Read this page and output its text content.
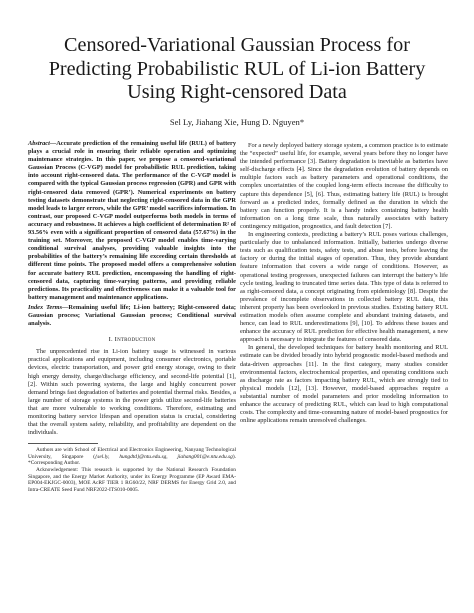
Censored-Variational Gaussian Process for
Predicting Probabilistic RUL of Li-ion Battery
Using Right-censored Data
Sel Ly, Jiahang Xie, Hung D. Nguyen*
Abstract—Accurate prediction of the remaining useful life (RUL) of battery plays a crucial role in ensuring their reliable operation and optimizing maintenance strategies. In this paper, we propose a censored-variational Gaussian Process (C-VGP) model for probabilistic RUL prediction, taking into account right-censored data. The performance of the C-VGP model is compared with the typical Gaussian process regression (GPR) and GPR with right-censored data removed (GPR’). Numerical experiments on battery testing datasets demonstrate that neglecting right-censored data in the GPR model leads to larger errors, while the GPR’ model sacrifices information. In contrast, our proposed C-VGP model outperforms both models in terms of accuracy and robustness. It achieves a high coefficient of determination R² of 93.56% even with a significant proportion of censored data (57.67%) in the training set. Moreover, the proposed C-VGP model enables time-varying conditional survival analyses, providing valuable insights into the probabilities of the battery’s remaining life exceeding certain thresholds at different time points. The proposed model offers a comprehensive solution for accurate battery RUL prediction, encompassing the handling of right-censored data, capturing time-varying patterns, and providing reliable predictions. Its practicality and effectiveness can make it a valuable tool for battery management and maintenance applications.
Index Terms—Remaining useful life; Li-ion battery; Right-censored data; Gaussian process; Variational Gaussian process; Conditional survival analysis.
I. Introduction

The unprecedented rise in Li-ion battery usage is witnessed in various practical applications and equipment, including consumer electronics, portable devices, electric transportation, and power grid energy storage, owing to their high energy density, charge/discharge efficiency, and second-life potential [1], [2]. Within such powering systems, the large and highly concurrent power demand brings fast degradation of batteries and potential thermal risks. Besides, a large number of storage systems in the power grids utilize second-life batteries that are more vulnerable to working conditions. Therefore, estimating and monitoring battery service lifespan and operation status is crucial, considering that the overall system safety, reliability, and profitability are dependent on the individuals.

Authors are with School of Electrical and Electronics Engineering, Nanyang Technological University, Singapore ({sel.ly, hungdtd}@ntu.edu.sg, jiahang001@e.ntu.edu.sg). *Corresponding Author.
Acknowledgement: This research is supported by the National Research Foundation Singapore, and the Energy Market Authority, under its Energy Programme (EP Award EMA-EP004-EKJGC-0003), MOE AcRF TIER 1 RG60/22, NRF DERMS for Energy Grid 2.0, and Intra-CREATE Seed Fund NRF2022-ITS010-0005.

For a newly deployed battery storage system, a common practice is to estimate the “expected” useful life, for example, several years before they no longer have the intended performance [3]. Battery degradation is inevitable as batteries have self-discharge effects [4]. Since the degradation evolution of battery depends on multiple factors such as battery parameters and operational conditions, the complex uncertainties of the coupled long-term effects increase the difficulty to capture this dependence [5], [6]. Thus, estimating battery life (RUL) is brought forward as a predicted index, formally defined as the duration in which the battery can function properly. It is a handy index containing battery health information on a long time scale, thus naturally associates with battery contingency mitigation, prognostics, and fault detection [7].

In engineering contexts, predicting a battery’s RUL poses various challenges, particularly due to unbalanced information. Initially, batteries undergo diverse tests such as qualification tests, safety tests, and abuse tests, before leaving the factory or during the initial stages of operation. Thus, they provide abundant feature information that covers a wide range of conditions. However, as operational testing progresses, unexpected failures can interrupt the battery’s life cycle testing, leading to truncated time series data. This type of data is referred to as right-censored data, a concept originating from epidemiology [8]. Despite the prevalence of incomplete observations in collected battery RUL data, this inherent property has been overlooked in previous studies. Existing battery RUL estimation models often assume complete and abundant training datasets, and hence, can lead to RUL underestimations [9], [10]. To address these issues and enhance the accuracy of RUL prediction for effective health management, a new approach is necessary to integrate the features of censored data.

In general, the developed techniques for battery health monitoring and RUL estimate can be divided broadly into hybrid prognostic model-based methods and data-driven approaches [11]. In the first category, many studies consider environmental factors, electrochemical properties, and operating conditions such as discharge rate as factors impacting battery RUL, which are strongly tied to physical models [12], [13]. However, model-based approaches require a substantial number of model parameters and prior modeling information to enhance the accuracy of predicting RUL, which can lead to high computational costs. The complexity and time-consuming nature of model-based prognostics for online applications remain unresolved challenges.
